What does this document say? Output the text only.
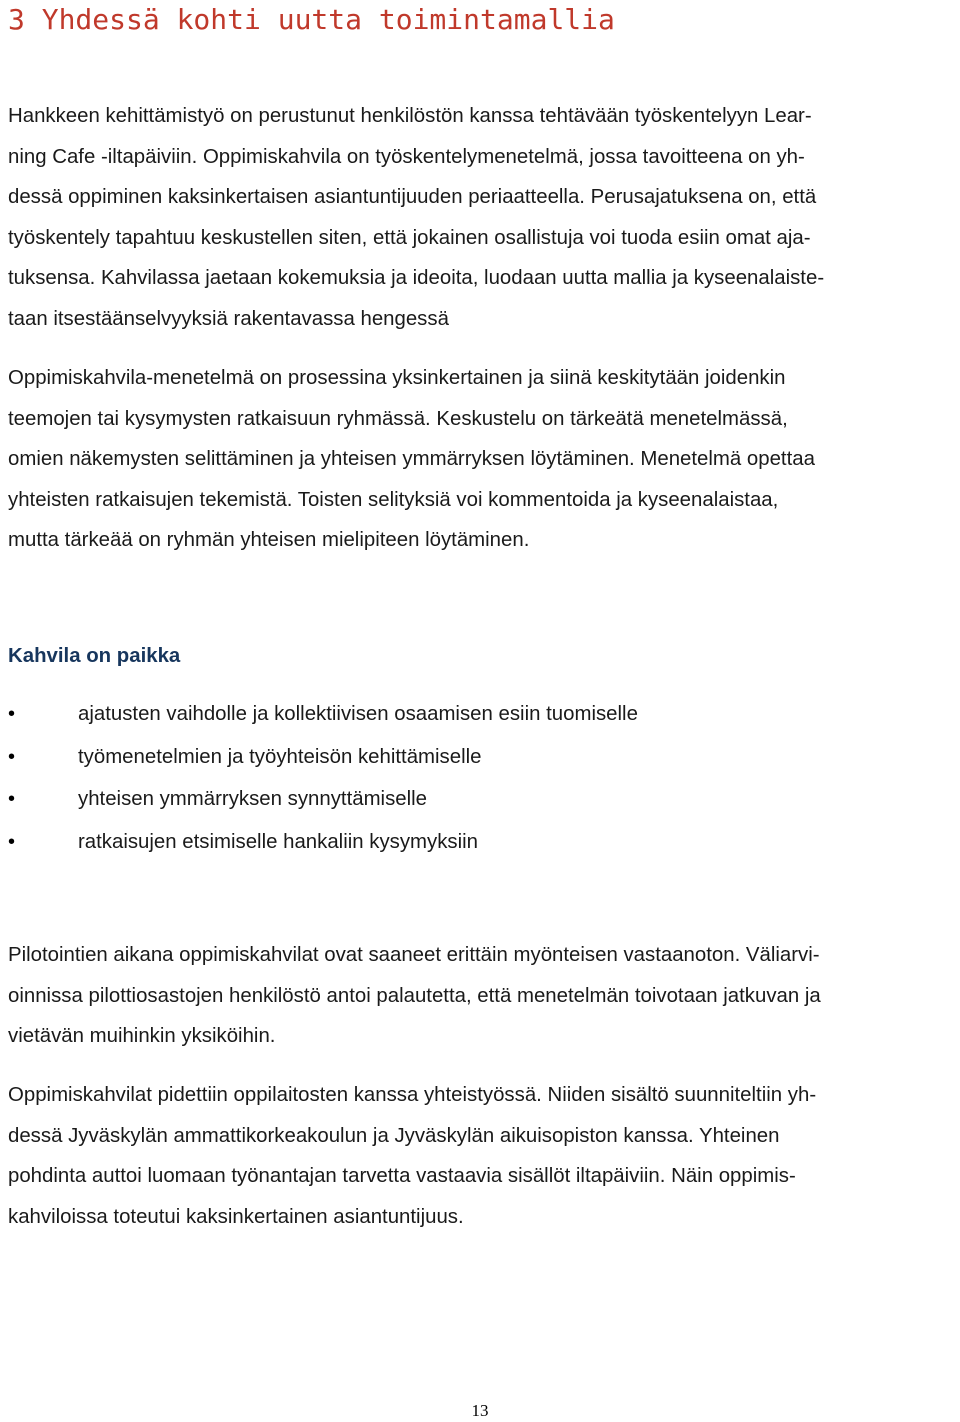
3 Yhdessä kohti uutta toimintamallia

Hankkeen kehittämistyö on perustunut henkilöstön kanssa tehtävään työskentelyyn Lear-
ning Cafe -iltapäiviin. Oppimiskahvila on työskentelymenetelmä, jossa tavoitteena on yh-
dessä oppiminen kaksinkertaisen asiantuntijuuden periaatteella. Perusajatuksena on, että
työskentely tapahtuu keskustellen siten, että jokainen osallistuja voi tuoda esiin omat aja-
tuksensa. Kahvilassa jaetaan kokemuksia ja ideoita, luodaan uutta mallia ja kyseenalaiste-
taan itsestäänselvyyksiä rakentavassa hengessä

Oppimiskahvila-menetelmä on prosessina yksinkertainen ja siinä keskitytään joidenkin
teemojen tai kysymysten ratkaisuun ryhmässä. Keskustelu on tärkeätä menetelmässä,
omien näkemysten selittäminen ja yhteisen ymmärryksen löytäminen. Menetelmä opettaa
yhteisten ratkaisujen tekemistä. Toisten selityksiä voi kommentoida ja kyseenalaistaa,
mutta tärkeää on ryhmän yhteisen mielipiteen löytäminen.

Kahvila on paikka
•	ajatusten vaihdolle ja kollektiivisen osaamisen esiin tuomiselle
•	työmenetelmien ja työyhteisön kehittämiselle
•	yhteisen ymmärryksen synnyttämiselle
•	ratkaisujen etsimiselle hankaliin kysymyksiin

Pilotointien aikana oppimiskahvilat ovat saaneet erittäin myönteisen vastaanoton. Väliarvi-
oinnissa pilottiosastojen henkilöstö antoi palautetta, että menetelmän toivotaan jatkuvan ja
vietävän muihinkin yksiköihin.

Oppimiskahvilat pidettiin oppilaitosten kanssa yhteistyössä. Niiden sisältö suunniteltiin yh-
dessä Jyväskylän ammattikorkeakoulun ja Jyväskylän aikuisopiston kanssa. Yhteinen
pohdinta auttoi luomaan työnantajan tarvetta vastaavia sisällöt iltapäiviin. Näin oppimis-
kahviloissa toteutui kaksinkertainen asiantuntijuus.

13
